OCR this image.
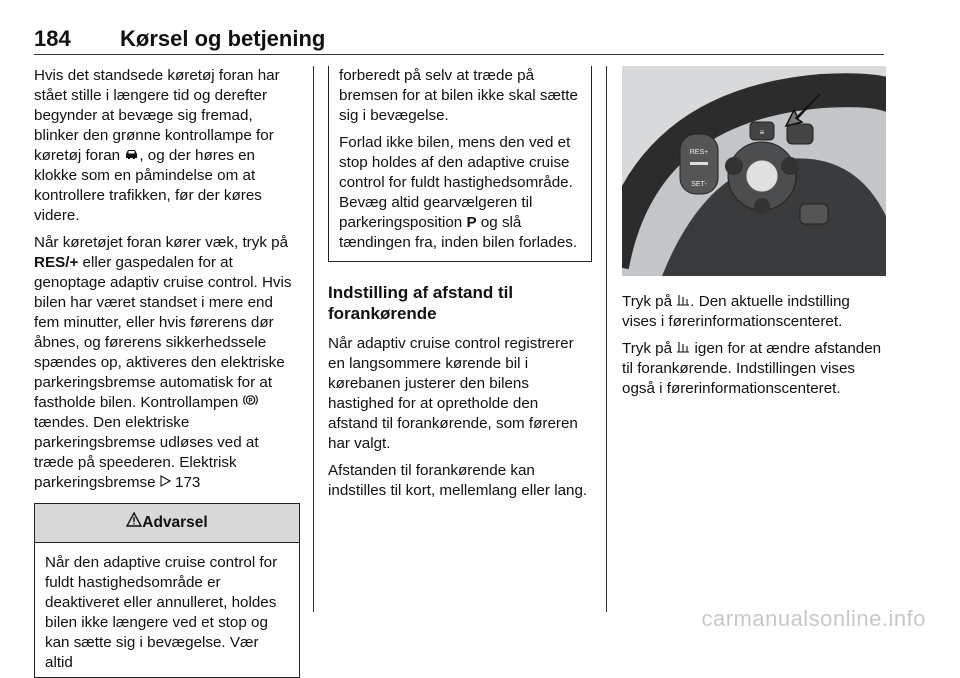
184 Kørsel og betjening

Hvis det standsede køretøj foran har stået stille i længere tid og derefter begynder at bevæge sig fremad, blinker den grønne kontrollampe for køretøj foran , og der høres en klokke som en påmindelse om at kontrollere trafikken, før der køres videre.

Når køretøjet foran kører væk, tryk på RES/+ eller gaspedalen for at genoptage adaptiv cruise control. Hvis bilen har været standset i mere end fem minutter, eller hvis førerens dør åbnes, og førerens sikkerhedssele spændes op, aktiveres den elektriske parkeringsbremse automatisk for at fastholde bilen. Kontrollampen P
tændes. Den elektriske parkeringsbremse udløses ved at træde på speederen. Elektrisk parkeringsbremse  173

Advarsel
Når den adaptive cruise control for fuldt hastighedsområde er deaktiveret eller annulleret, holdes bilen ikke længere ved et stop og kan sætte sig i bevægelse. Vær altid

forberedt på selv at træde på bremsen for at bilen ikke skal sætte sig i bevægelse.

Forlad ikke bilen, mens den ved et stop holdes af den adaptive cruise control for fuldt hastighedsområde. Bevæg altid gearvælgeren til parkeringsposition P og slå tændingen fra, inden bilen forlades.

Indstilling af afstand til forankørende

Når adaptiv cruise control registrerer en langsommere kørende bil i kørebanen justerer den bilens hastighed for at opretholde den afstand til forankørende, som føreren har valgt.

Afstanden til forankørende kan indstilles til kort, mellemlang eller lang.

RES+
SET-
≡

Tryk på . Den aktuelle indstilling vises i førerinformationscenteret.

Tryk på  igen for at ændre afstanden til forankørende. Indstillingen vises også i førerinformationscenteret.

carmanualsonline.info
